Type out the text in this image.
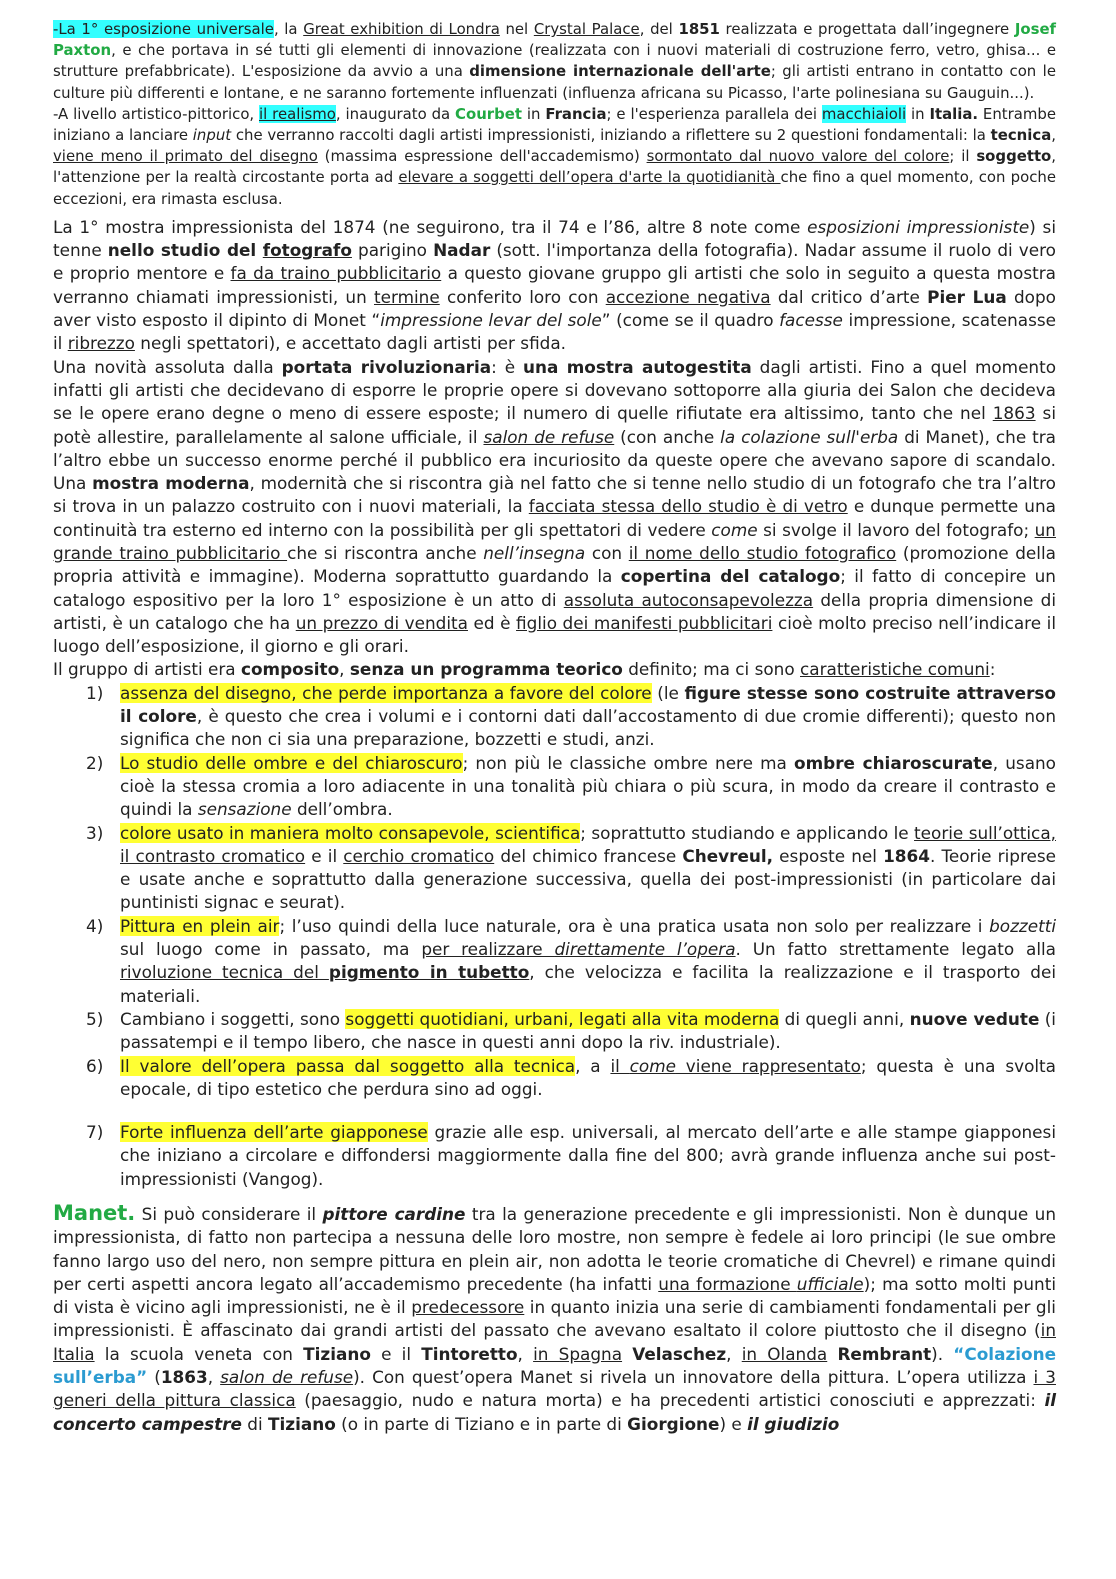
-La 1° esposizione universale, la Great exhibition di Londra nel Crystal Palace, del 1851 realizzata e progettata dall’ingegnere Josef Paxton, e che portava in sé tutti gli elementi di innovazione (realizzata con i nuovi materiali di costruzione ferro, vetro, ghisa... e strutture prefabbricate). L'esposizione da avvio a una dimensione internazionale dell'arte; gli artisti entrano in contatto con le culture più differenti e lontane, e ne saranno fortemente influenzati (influenza africana su Picasso, l'arte polinesiana su Gauguin...).

-A livello artistico-pittorico, il realismo, inaugurato da Courbet in Francia; e l'esperienza parallela dei macchiaioli in Italia. Entrambe iniziano a lanciare input che verranno raccolti dagli artisti impressionisti, iniziando a riflettere su 2 questioni fondamentali: la tecnica, viene meno il primato del disegno (massima espressione dell'accademismo) sormontato dal nuovo valore del colore; il soggetto, l'attenzione per la realtà circostante porta ad elevare a soggetti dell’opera d'arte la quotidianità che fino a quel momento, con poche eccezioni, era rimasta esclusa.

La 1° mostra impressionista del 1874 (ne seguirono, tra il 74 e l’86, altre 8 note come esposizioni impressioniste) si tenne nello studio del fotografo parigino Nadar (sott. l'importanza della fotografia). Nadar assume il ruolo di vero e proprio mentore e fa da traino pubblicitario a questo giovane gruppo gli artisti che solo in seguito a questa mostra verranno chiamati impressionisti, un termine conferito loro con accezione negativa dal critico d’arte Pier Lua dopo aver visto esposto il dipinto di Monet “impressione levar del sole” (come se il quadro facesse impressione, scatenasse il ribrezzo negli spettatori), e accettato dagli artisti per sfida.

Una novità assoluta dalla portata rivoluzionaria: è una mostra autogestita dagli artisti. Fino a quel momento infatti gli artisti che decidevano di esporre le proprie opere si dovevano sottoporre alla giuria dei Salon che decideva se le opere erano degne o meno di essere esposte; il numero di quelle rifiutate era altissimo, tanto che nel 1863 si potè allestire, parallelamente al salone ufficiale, il salon de refuse (con anche la colazione sull'erba di Manet), che tra l’altro ebbe un successo enorme perché il pubblico era incuriosito da queste opere che avevano sapore di scandalo. Una mostra moderna, modernità che si riscontra già nel fatto che si tenne nello studio di un fotografo che tra l’altro si trova in un palazzo costruito con i nuovi materiali, la facciata stessa dello studio è di vetro e dunque permette una continuità tra esterno ed interno con la possibilità per gli spettatori di vedere come si svolge il lavoro del fotografo; un grande traino pubblicitario che si riscontra anche nell’insegna con il nome dello studio fotografico (promozione della propria attività e immagine). Moderna soprattutto guardando la copertina del catalogo; il fatto di concepire un catalogo espositivo per la loro 1° esposizione è un atto di assoluta autoconsapevolezza della propria dimensione di artisti, è un catalogo che ha un prezzo di vendita ed è figlio dei manifesti pubblicitari cioè molto preciso nell’indicare il luogo dell’esposizione, il giorno e gli orari.

Il gruppo di artisti era composito, senza un programma teorico definito; ma ci sono caratteristiche comuni:

1) assenza del disegno, che perde importanza a favore del colore (le figure stesse sono costruite attraverso il colore, è questo che crea i volumi e i contorni dati dall’accostamento di due cromie differenti); questo non significa che non ci sia una preparazione, bozzetti e studi, anzi.
2) Lo studio delle ombre e del chiaroscuro; non più le classiche ombre nere ma ombre chiaroscurate, usano cioè la stessa cromia a loro adiacente in una tonalità più chiara o più scura, in modo da creare il contrasto e quindi la sensazione dell’ombra.
3) colore usato in maniera molto consapevole, scientifica; soprattutto studiando e applicando le teorie sull’ottica, il contrasto cromatico e il cerchio cromatico del chimico francese Chevreul, esposte nel 1864. Teorie riprese e usate anche e soprattutto dalla generazione successiva, quella dei post-impressionisti (in particolare dai puntinisti signac e seurat).
4) Pittura en plein air; l’uso quindi della luce naturale, ora è una pratica usata non solo per realizzare i bozzetti sul luogo come in passato, ma per realizzare direttamente l’opera. Un fatto strettamente legato alla rivoluzione tecnica del pigmento in tubetto, che velocizza e facilita la realizzazione e il trasporto dei materiali.
5) Cambiano i soggetti, sono soggetti quotidiani, urbani, legati alla vita moderna di quegli anni, nuove vedute (i passatempi e il tempo libero, che nasce in questi anni dopo la riv. industriale).
6) Il valore dell’opera passa dal soggetto alla tecnica, a il come viene rappresentato; questa è una svolta epocale, di tipo estetico che perdura sino ad oggi.
7) Forte influenza dell’arte giapponese grazie alle esp. universali, al mercato dell’arte e alle stampe giapponesi che iniziano a circolare e diffondersi maggiormente dalla fine del 800; avrà grande influenza anche sui post-impressionisti (Vangog).

Manet. Si può considerare il pittore cardine tra la generazione precedente e gli impressionisti. Non è dunque un impressionista, di fatto non partecipa a nessuna delle loro mostre, non sempre è fedele ai loro principi (le sue ombre fanno largo uso del nero, non sempre pittura en plein air, non adotta le teorie cromatiche di Chevrel) e rimane quindi per certi aspetti ancora legato all’accademismo precedente (ha infatti una formazione ufficiale); ma sotto molti punti di vista è vicino agli impressionisti, ne è il predecessore in quanto inizia una serie di cambiamenti fondamentali per gli impressionisti. È affascinato dai grandi artisti del passato che avevano esaltato il colore piuttosto che il disegno (in Italia la scuola veneta con Tiziano e il Tintoretto, in Spagna Velaschez, in Olanda Rembrant). “Colazione sull’erba” (1863, salon de refuse). Con quest’opera Manet si rivela un innovatore della pittura. L’opera utilizza i 3 generi della pittura classica (paesaggio, nudo e natura morta) e ha precedenti artistici conosciuti e apprezzati: il concerto campestre di Tiziano (o in parte di Tiziano e in parte di Giorgione) e il giudizio
